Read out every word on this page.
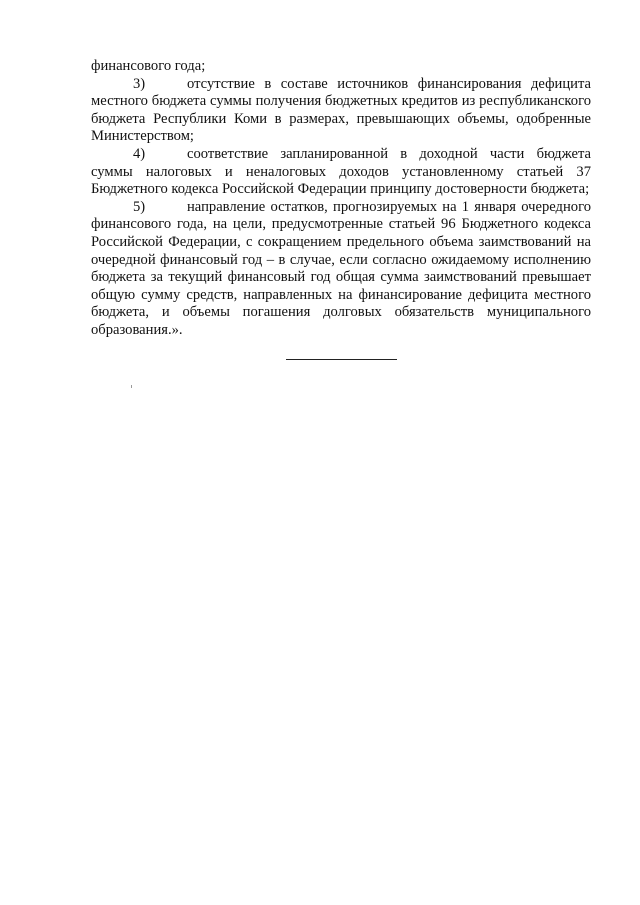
финансового года;

3)	отсутствие в составе источников финансирования дефицита местного бюджета суммы получения бюджетных кредитов из республиканского бюджета Республики Коми в размерах, превышающих объемы, одобренные Министерством;

4)	соответствие запланированной в доходной части бюджета суммы налоговых и неналоговых доходов установленному статьей 37 Бюджетного кодекса Российской Федерации принципу достоверности бюджета;

5)	направление остатков, прогнозируемых на 1 января очередного финансового года, на цели, предусмотренные статьей 96 Бюджетного кодекса Российской Федерации, с сокращением предельного объема заимствований на очередной финансовый год – в случае, если согласно ожидаемому исполнению бюджета за текущий финансовый год общая сумма заимствований превышает общую сумму средств, направленных на финансирование дефицита местного бюджета, и объемы погашения долговых обязательств муниципального образования.».
